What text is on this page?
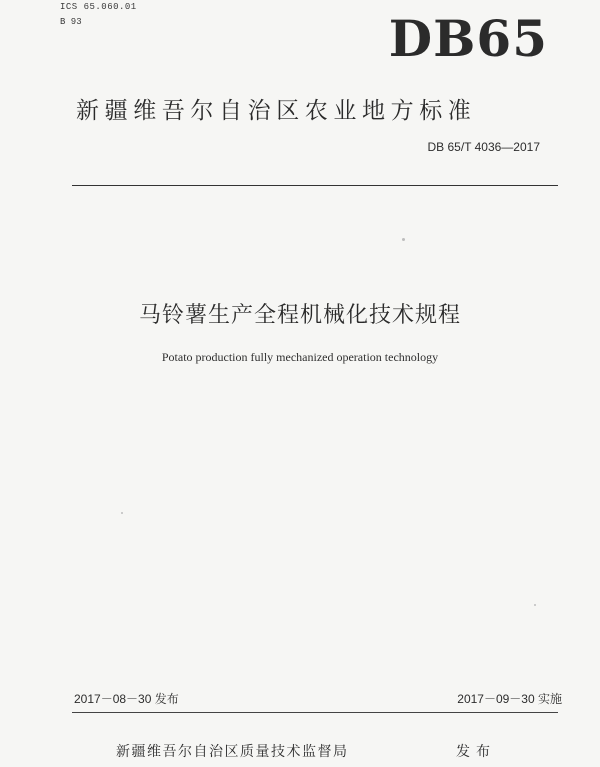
ICS 65.060.01
B 93	DB65
新疆维吾尔自治区农业地方标准
DB 65/T 4036—2017
马铃薯生产全程机械化技术规程
Potato production fully mechanized operation technology
2017－08－30 发布	2017－09－30 实施
新疆维吾尔自治区质量技术监督局	发布
